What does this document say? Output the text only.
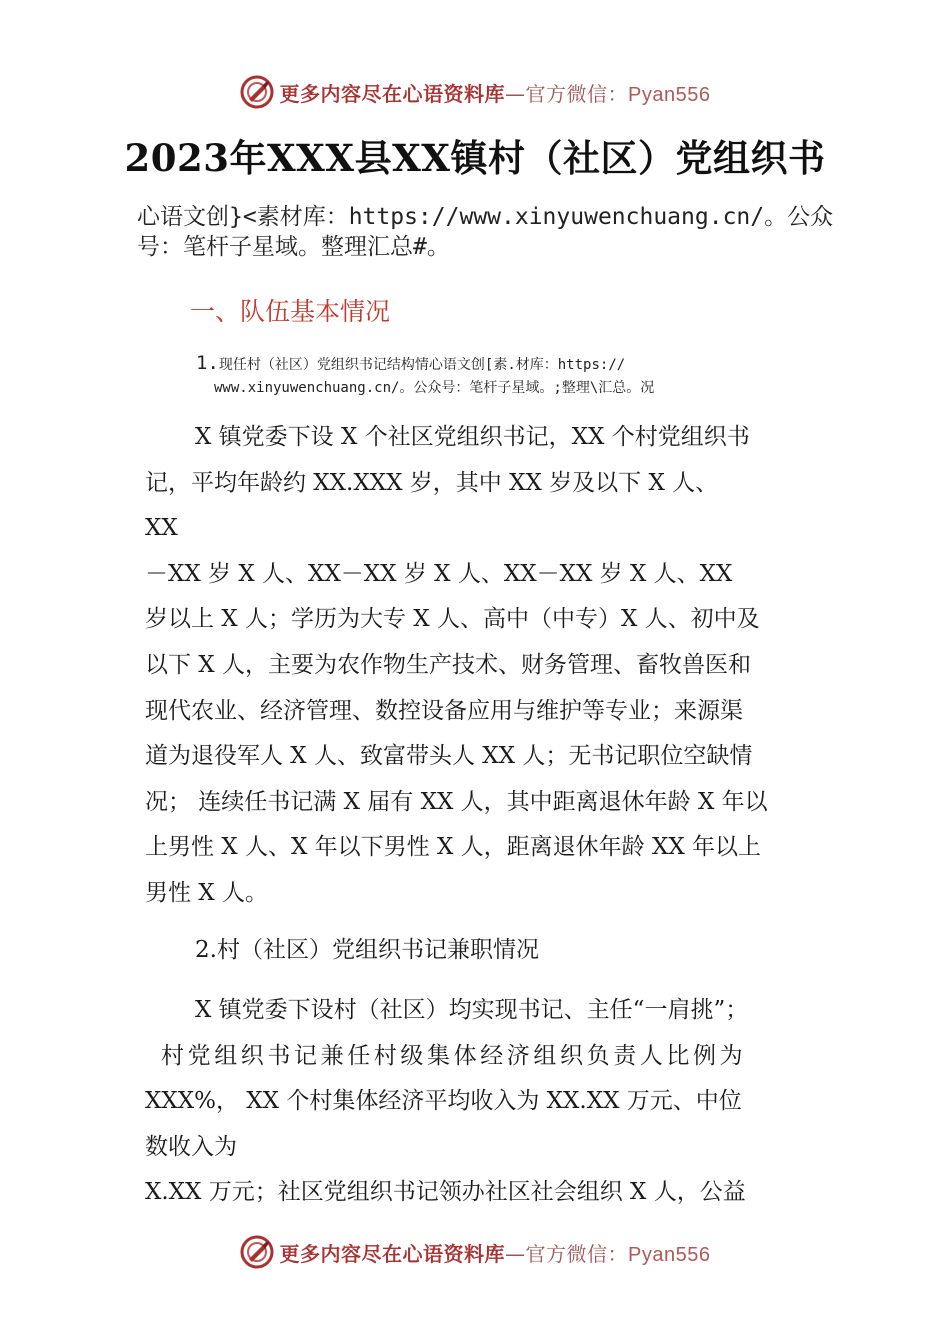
更多内容尽在心语资料库—官方微信：Pyan556
2023年XXX县XX镇村（社区）党组织书
心语文创}<素材库：https://www.xinyuwenchuang.cn/。公众
号：笔杆子星域。整理汇总#。
一、队伍基本情况
1.现任村（社区）党组织书记结构情心语文创[素.材库：https://
www.xinyuwenchuang.cn/。公众号：笔杆子星域。;整理\汇总。况
X 镇党委下设 X 个社区党组织书记，XX 个村党组织书
记，平均年龄约 XX.XXX 岁，其中 XX 岁及以下 X 人、
XX
－XX 岁 X 人、XX－XX 岁 X 人、XX－XX 岁 X 人、XX
岁以上 X 人；学历为大专 X 人、高中（中专）X 人、初中及
以下 X 人，主要为农作物生产技术、财务管理、畜牧兽医和
现代农业、经济管理、数控设备应用与维护等专业；来源渠
道为退役军人 X 人、致富带头人 XX 人；无书记职位空缺情
况； 连续任书记满 X 届有 XX 人，其中距离退休年龄 X 年以
上男性 X 人、X 年以下男性 X 人，距离退休年龄 XX 年以上
男性 X 人。
2.村（社区）党组织书记兼职情况
X 镇党委下设村（社区）均实现书记、主任“一肩挑”；
村党组织书记兼任村级集体经济组织负责人比例为
XXX%， XX 个村集体经济平均收入为 XX.XX 万元、中位
数收入为
X.XX 万元；社区党组织书记领办社区社会组织 X 人，公益
更多内容尽在心语资料库—官方微信：Pyan556
